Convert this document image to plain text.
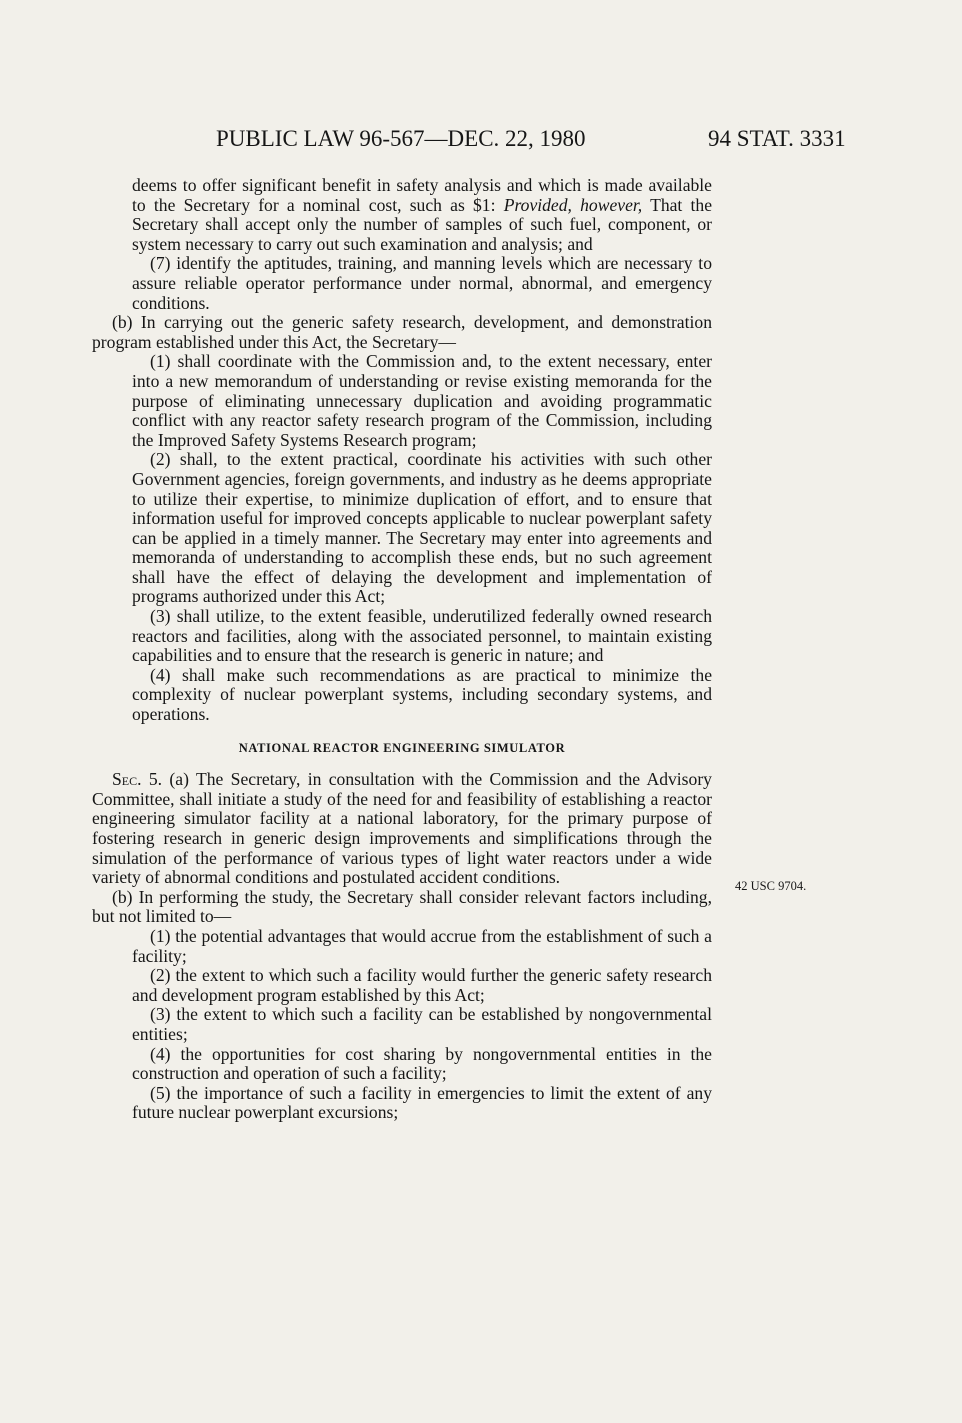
PUBLIC LAW 96-567—DEC. 22, 1980	94 STAT. 3331

deems to offer significant benefit in safety analysis and which is made available to the Secretary for a nominal cost, such as $1: Provided, however, That the Secretary shall accept only the number of samples of such fuel, component, or system necessary to carry out such examination and analysis; and

(7) identify the aptitudes, training, and manning levels which are necessary to assure reliable operator performance under normal, abnormal, and emergency conditions.

(b) In carrying out the generic safety research, development, and demonstration program established under this Act, the Secretary—

(1) shall coordinate with the Commission and, to the extent necessary, enter into a new memorandum of understanding or revise existing memoranda for the purpose of eliminating unnecessary duplication and avoiding programmatic conflict with any reactor safety research program of the Commission, including the Improved Safety Systems Research program;

(2) shall, to the extent practical, coordinate his activities with such other Government agencies, foreign governments, and industry as he deems appropriate to utilize their expertise, to minimize duplication of effort, and to ensure that information useful for improved concepts applicable to nuclear powerplant safety can be applied in a timely manner. The Secretary may enter into agreements and memoranda of understanding to accomplish these ends, but no such agreement shall have the effect of delaying the development and implementation of programs authorized under this Act;

(3) shall utilize, to the extent feasible, underutilized federally owned research reactors and facilities, along with the associated personnel, to maintain existing capabilities and to ensure that the research is generic in nature; and

(4) shall make such recommendations as are practical to minimize the complexity of nuclear powerplant systems, including secondary systems, and operations.

NATIONAL REACTOR ENGINEERING SIMULATOR

Sec. 5. (a) The Secretary, in consultation with the Commission and the Advisory Committee, shall initiate a study of the need for and feasibility of establishing a reactor engineering simulator facility at a national laboratory, for the primary purpose of fostering research in generic design improvements and simplifications through the simulation of the performance of various types of light water reactors under a wide variety of abnormal conditions and postulated accident conditions.

(b) In performing the study, the Secretary shall consider relevant factors including, but not limited to—

(1) the potential advantages that would accrue from the establishment of such a facility;

(2) the extent to which such a facility would further the generic safety research and development program established by this Act;

(3) the extent to which such a facility can be established by nongovernmental entities;

(4) the opportunities for cost sharing by nongovernmental entities in the construction and operation of such a facility;

(5) the importance of such a facility in emergencies to limit the extent of any future nuclear powerplant excursions;

42 USC 9704.
